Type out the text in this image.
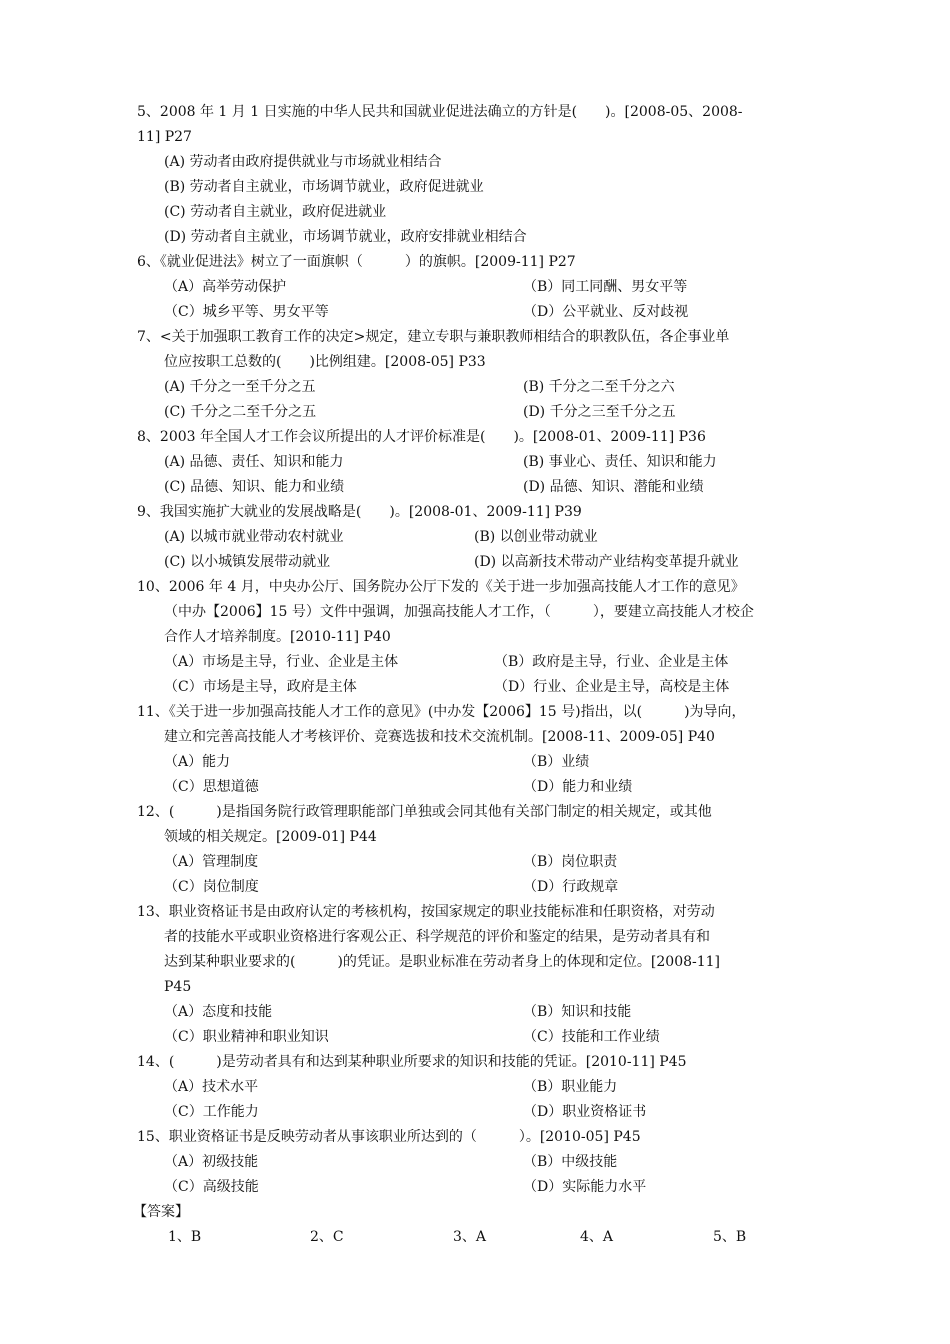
5、2008 年 1 月 1 日实施的中华人民共和国就业促进法确立的方针是(　　)。[2008-05、2008-
11] P27
(A) 劳动者由政府提供就业与市场就业相结合
(B) 劳动者自主就业，市场调节就业，政府促进就业
(C) 劳动者自主就业，政府促进就业
(D) 劳动者自主就业，市场调节就业，政府安排就业相结合
6、《就业促进法》树立了一面旗帜（　　　）的旗帜。[2009-11] P27
（A）高举劳动保护	（B）同工同酬、男女平等
（C）城乡平等、男女平等	（D）公平就业、反对歧视
7、<关于加强职工教育工作的决定>规定，建立专职与兼职教师相结合的职教队伍，各企事业单
位应按职工总数的(　　)比例组建。[2008-05] P33
(A) 千分之一至千分之五	(B) 千分之二至千分之六
(C) 千分之二至千分之五	(D) 千分之三至千分之五
8、2003 年全国人才工作会议所提出的人才评价标准是(　　)。[2008-01、2009-11] P36
(A) 品德、责任、知识和能力	(B) 事业心、责任、知识和能力
(C) 品德、知识、能力和业绩	(D) 品德、知识、潜能和业绩
9、我国实施扩大就业的发展战略是(　　)。[2008-01、2009-11] P39
(A) 以城市就业带动农村就业	(B) 以创业带动就业
(C) 以小城镇发展带动就业	(D) 以高新技术带动产业结构变革提升就业
10、2006 年 4 月，中央办公厅、国务院办公厅下发的《关于进一步加强高技能人才工作的意见》
（中办【2006】15 号）文件中强调，加强高技能人才工作，（　　　），要建立高技能人才校企
合作人才培养制度。[2010-11] P40
（A）市场是主导，行业、企业是主体	（B）政府是主导，行业、企业是主体
（C）市场是主导，政府是主体	（D）行业、企业是主导，高校是主体
11、《关于进一步加强高技能人才工作的意见》(中办发【2006】15 号)指出，以(　　　)为导向，
建立和完善高技能人才考核评价、竞赛选拔和技术交流机制。[2008-11、2009-05] P40
（A）能力	（B）业绩
（C）思想道德	（D）能力和业绩
12、(　　　)是指国务院行政管理职能部门单独或会同其他有关部门制定的相关规定，或其他
领域的相关规定。[2009-01] P44
（A）管理制度	（B）岗位职责
（C）岗位制度	（D）行政规章
13、职业资格证书是由政府认定的考核机构，按国家规定的职业技能标准和任职资格，对劳动
者的技能水平或职业资格进行客观公正、科学规范的评价和鉴定的结果，是劳动者具有和
达到某种职业要求的(　　　)的凭证。是职业标准在劳动者身上的体现和定位。[2008-11]
P45
（A）态度和技能	（B）知识和技能
（C）职业精神和职业知识	（C）技能和工作业绩
14、(　　　)是劳动者具有和达到某种职业所要求的知识和技能的凭证。[2010-11] P45
（A）技术水平	（B）职业能力
（C）工作能力	（D）职业资格证书
15、职业资格证书是反映劳动者从事该职业所达到的（　　　）。[2010-05] P45
（A）初级技能	（B）中级技能
（C）高级技能	（D）实际能力水平
【答案】
1、B	2、C	3、A	4、A	5、B
